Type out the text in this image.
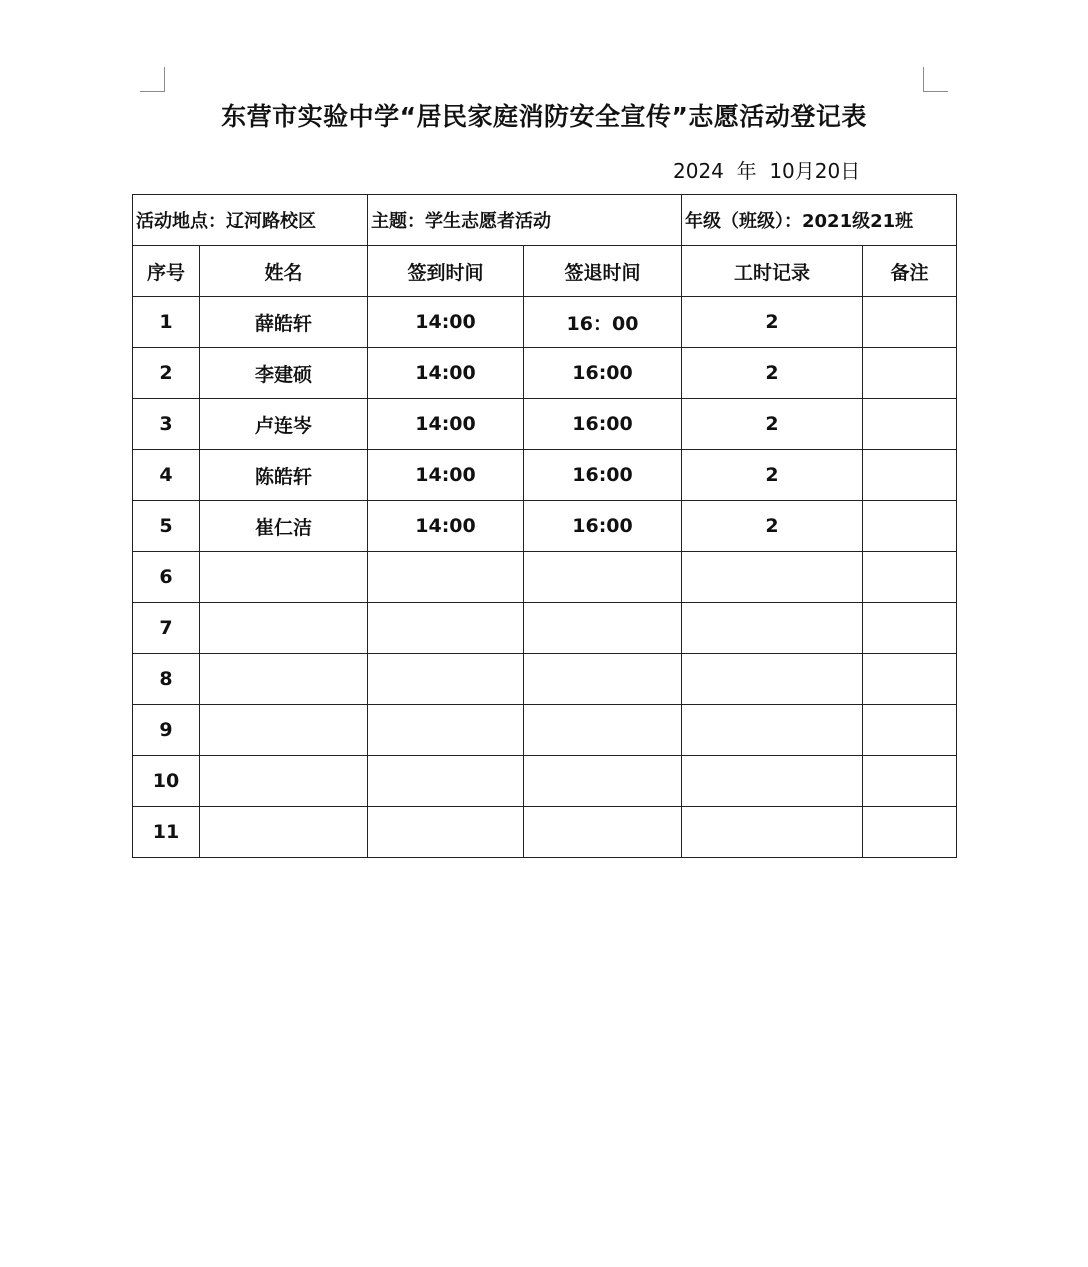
东营市实验中学“居民家庭消防安全宣传”志愿活动登记表
2024  年  10月20日
活动地点：辽河路校区		主题：学生志愿者活动		年级（班级）：2021级21班	
序号	姓名	签到时间	签退时间	工时记录	备注
1	薛皓轩	14:00	16：00	2	
2	李建硕	14:00	16:00	2	
3	卢连岑	14:00	16:00	2	
4	陈皓轩	14:00	16:00	2	
5	崔仁洁	14:00	16:00	2	
6					
7					
8					
9					
10					
11					
